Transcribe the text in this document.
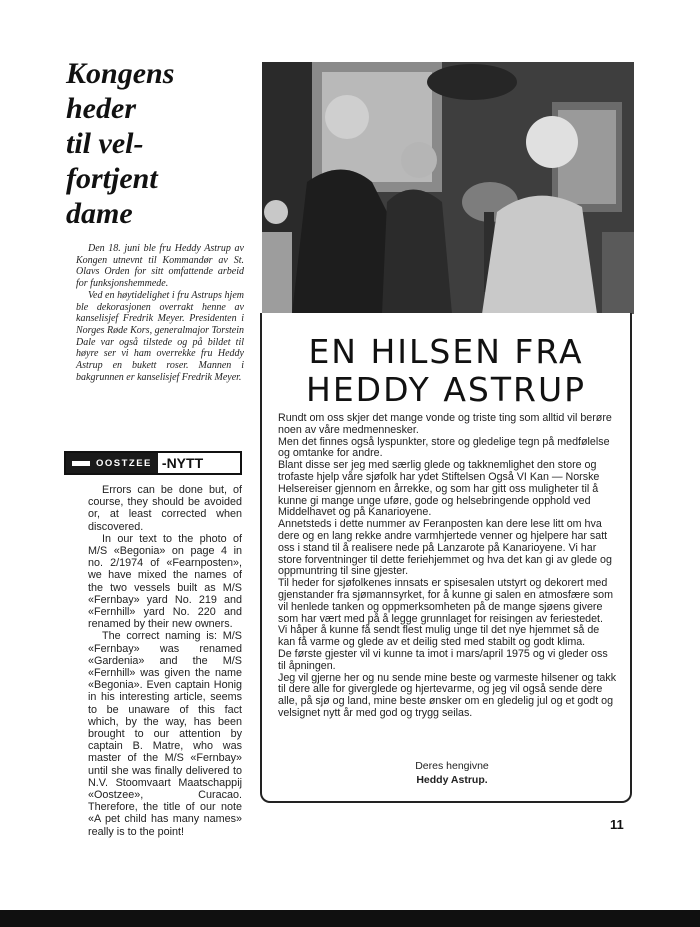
Kongens
heder
til vel-
fortjent
dame

Den 18. juni ble fru Heddy Astrup av Kongen utnevnt til Kommandør av St. Olavs Orden for sitt omfattende arbeid for funksjonshemmede.

Ved en høytidelighet i fru Astrups hjem ble dekorasjonen overrakt henne av kanselisjef Fredrik Meyer. Presidenten i Norges Røde Kors, generalmajor Torstein Dale var også tilstede og på bildet til høyre ser vi ham overrekke fru Heddy Astrup en bukett roser. Mannen i bakgrunnen er kanselisjef Fredrik Meyer.

OOSTZEE -NYTT

Errors can be done but, of course, they should be avoided or, at least corrected when discovered.

In our text to the photo of M/S «Begonia» on page 4 in no. 2/1974 of «Fearnposten», we have mixed the names of the two vessels built as M/S «Fernbay» yard No. 219 and «Fernhill» yard No. 220 and renamed by their new owners.

The correct naming is: M/S «Fernbay» was renamed «Gardenia» and the M/S «Fernhill» was given the name «Begonia». Even captain Honig in his interesting article, seems to be unaware of this fact which, by the way, has been brought to our attention by captain B. Matre, who was master of the M/S «Fernbay» until she was finally delivered to N.V. Stoomvaart Maatschappij «Oostzee», Curacao. Therefore, the title of our note «A pet child has many names» really is to the point!

EN HILSEN FRA
HEDDY ASTRUP

Rundt om oss skjer det mange vonde og triste ting som alltid vil berøre noen av våre medmennesker.

Men det finnes også lyspunkter, store og gledelige tegn på medfølelse og omtanke for andre.

Blant disse ser jeg med særlig glede og takknemlighet den store og trofaste hjelp våre sjøfolk har ydet Stiftelsen Også VI Kan — Norske Helsereiser gjennom en årrekke, og som har gitt oss muligheter til å kunne gi mange unge uføre, gode og helsebringende opphold ved Middelhavet og på Kanarioyene.

Annetsteds i dette nummer av Feranposten kan dere lese litt om hva dere og en lang rekke andre varmhjertede venner og hjelpere har satt oss i stand til å realisere nede på Lanzarote på Kanarioyene. Vi har store forventninger til dette feriehjemmet og hva det kan gi av glede og oppmuntring til sine gjester.

Til heder for sjøfolkenes innsats er spisesalen utstyrt og dekorert med gjenstander fra sjømannsyrket, for å kunne gi salen en atmosfære som vil henlede tanken og oppmerksomheten på de mange sjøens givere som har vært med på å legge grunnlaget for reisingen av feriestedet.

Vi håper å kunne få sendt flest mulig unge til det nye hjemmet så de kan få varme og glede av et deilig sted med stabilt og godt klima.

De første gjester vil vi kunne ta imot i mars/april 1975 og vi gleder oss til åpningen.

Jeg vil gjerne her og nu sende mine beste og varmeste hilsener og takk til dere alle for giverglede og hjertevarme, og jeg vil også sende dere alle, på sjø og land, mine beste ønsker om en gledelig jul og et godt og velsignet nytt år med god og trygg seilas.

Deres hengivne
Heddy Astrup.
11
